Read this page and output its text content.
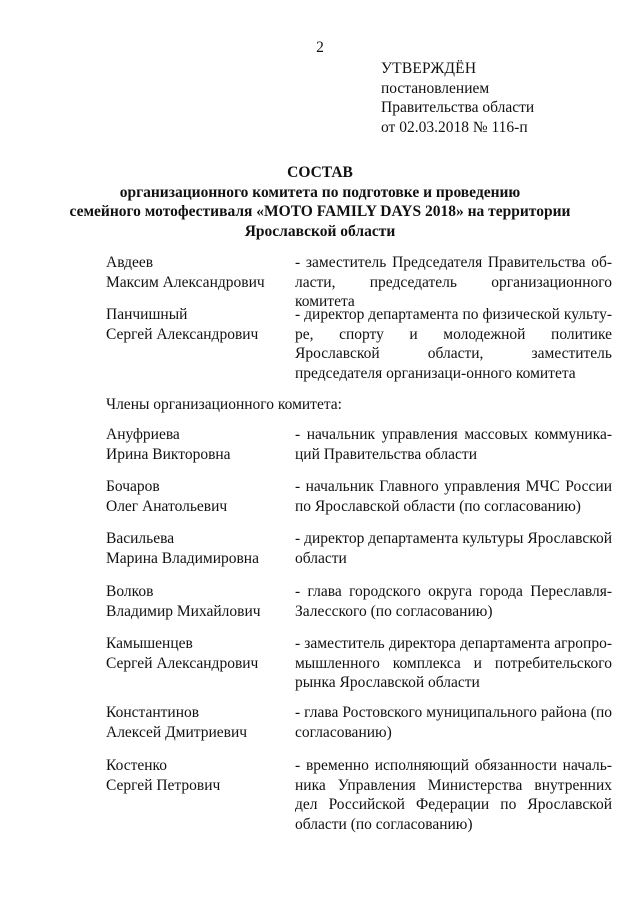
2
УТВЕРЖДЁН
постановлением
Правительства области
от 02.03.2018 № 116-п
СОСТАВ
организационного комитета по подготовке и проведению
семейного мотофестиваля «MOTO FAMILY DAYS 2018» на территории
Ярославской области
Авдеев
Максим Александрович
- заместитель Председателя Правительства об-ласти, председатель организационного комитета
Панчишный
Сергей Александрович
- директор департамента по физической культу-ре, спорту и молодежной политике Ярославской области, заместитель председателя организаци-онного комитета
Члены организационного комитета:
Ануфриева
Ирина Викторовна
- начальник управления массовых коммуника-ций Правительства области
Бочаров
Олег Анатольевич
- начальник Главного управления МЧС России по Ярославской области (по согласованию)
Васильева
Марина Владимировна
- директор департамента культуры Ярославской области
Волков
Владимир Михайлович
- глава городского округа города Переславля-Залесского (по согласованию)
Камышенцев
Сергей Александрович
- заместитель директора департамента агропро-мышленного комплекса и потребительского рынка Ярославской области
Константинов
Алексей Дмитриевич
- глава Ростовского муниципального района (по согласованию)
Костенко
Сергей Петрович
- временно исполняющий обязанности началь-ника Управления Министерства внутренних дел Российской Федерации по Ярославской области (по согласованию)
